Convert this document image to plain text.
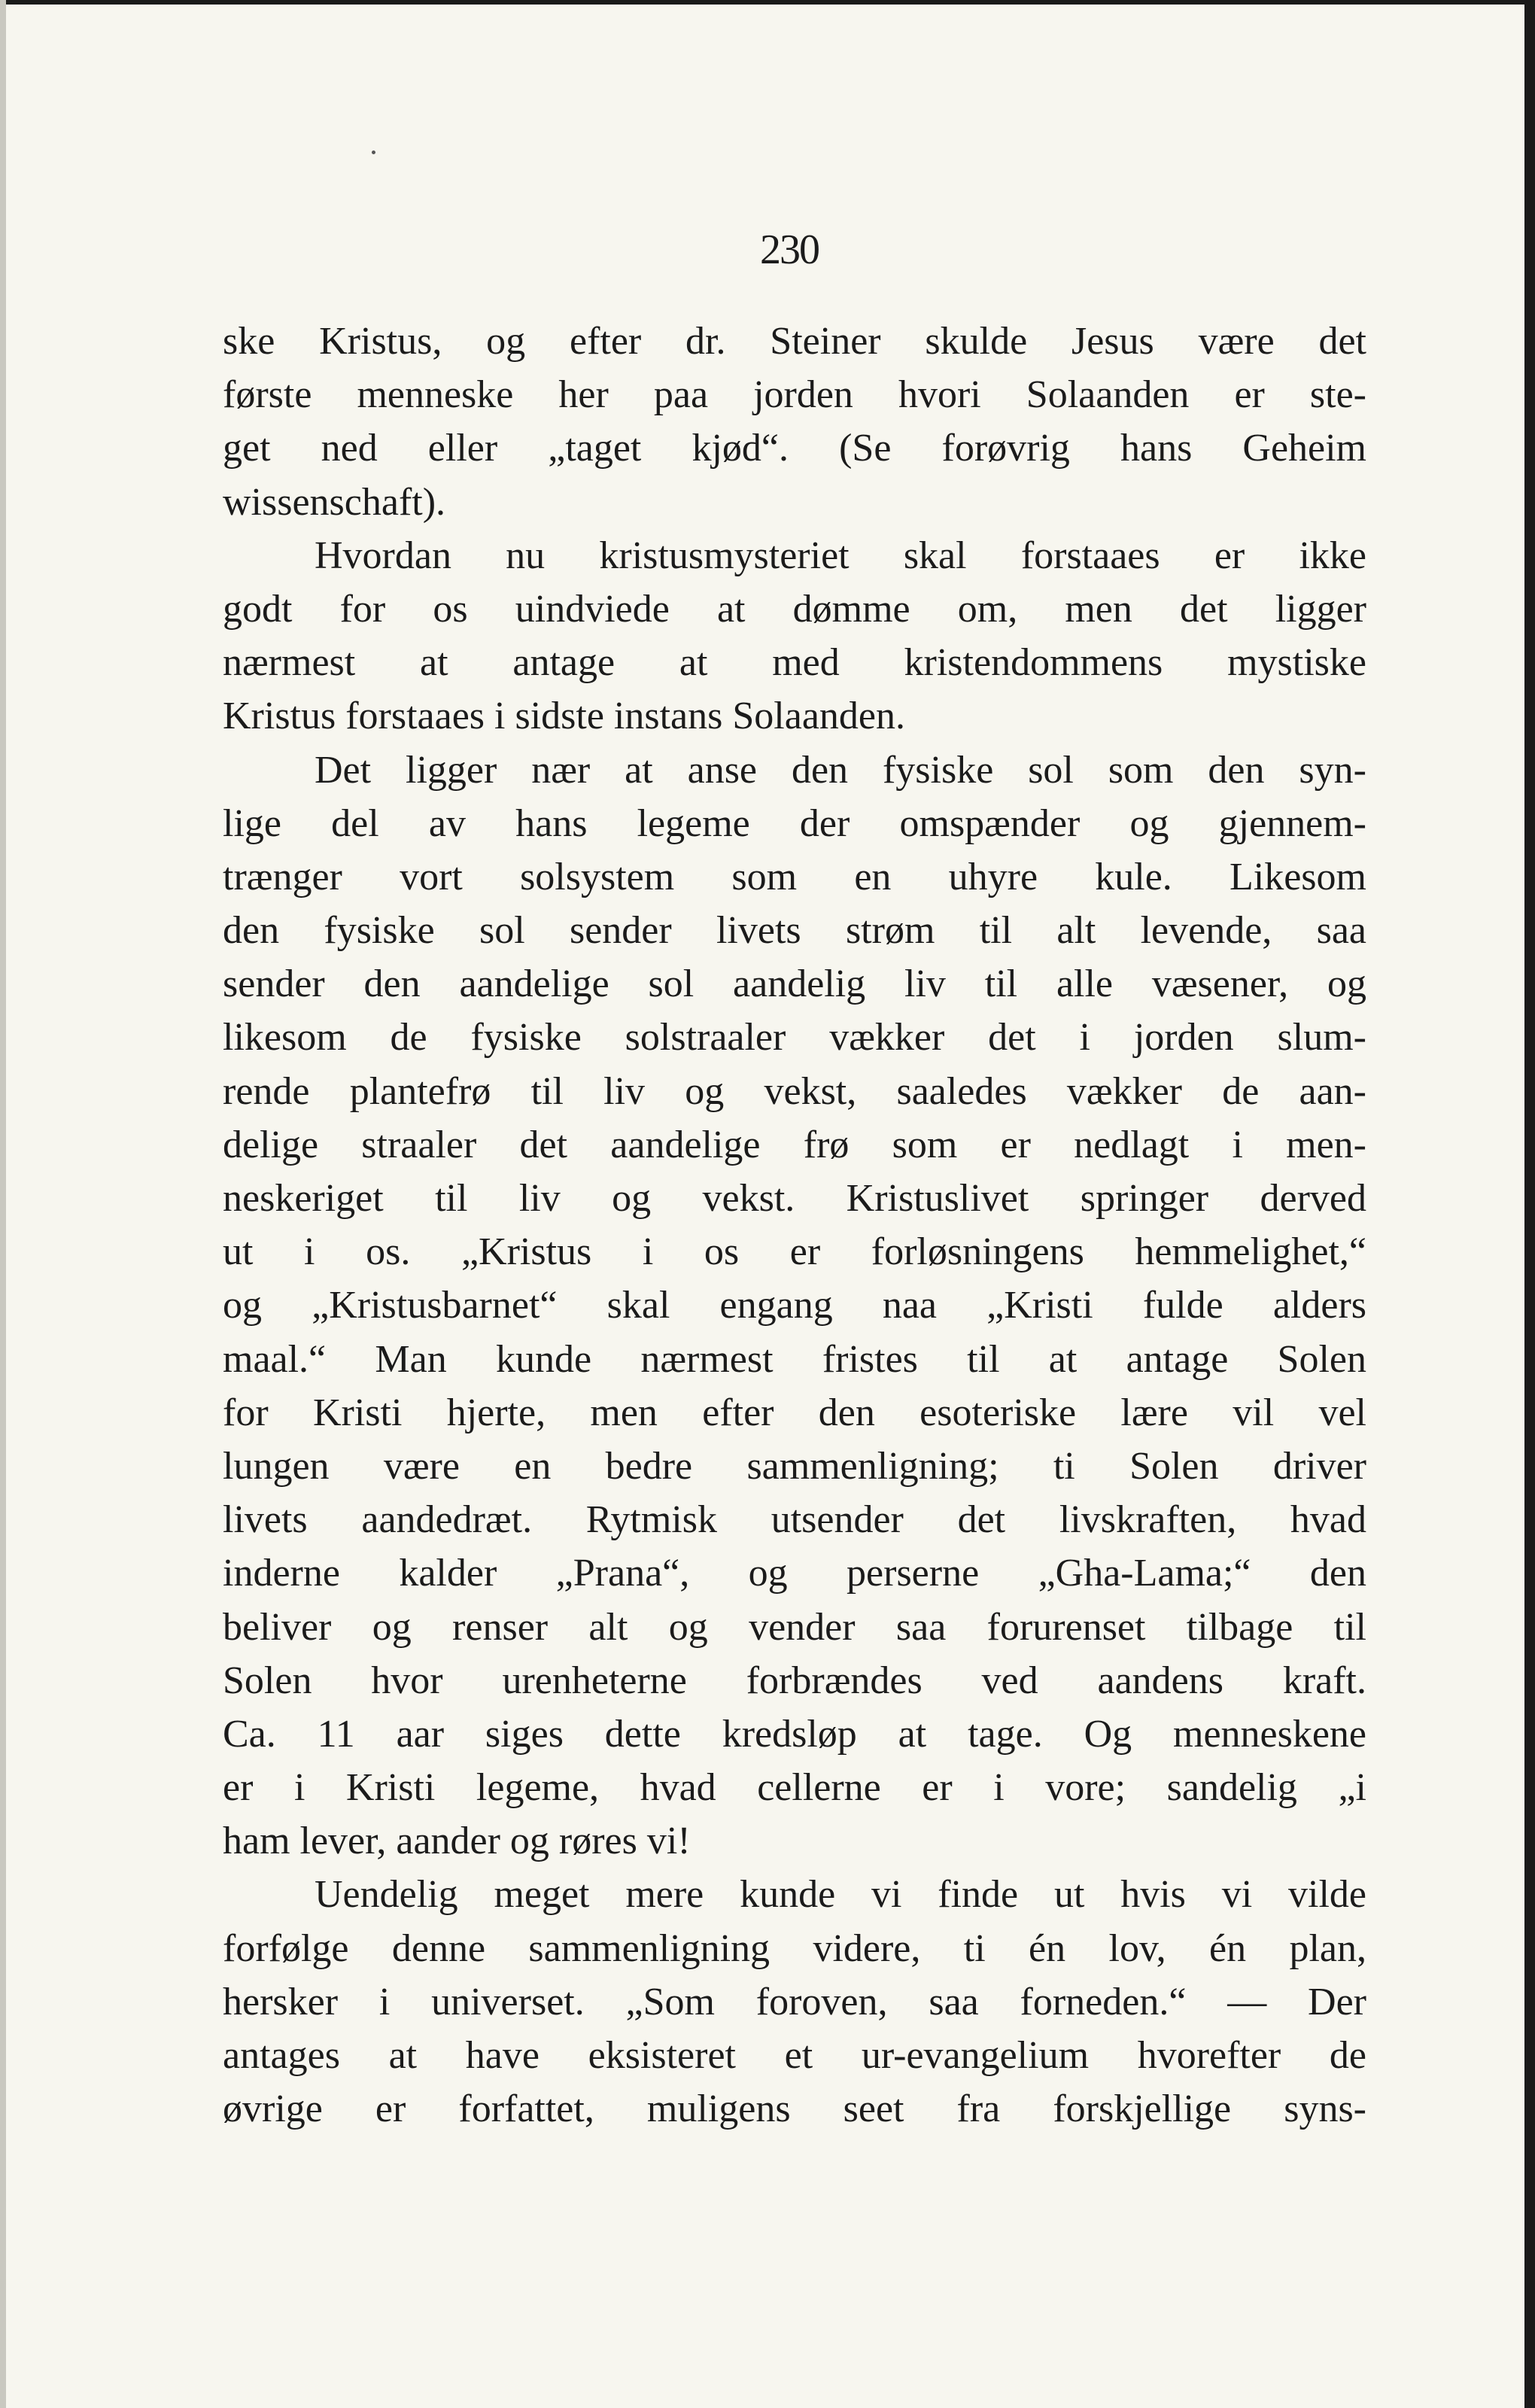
230
ske Kristus, og efter dr. Steiner skulde Jesus være det
første menneske her paa jorden hvori Solaanden er ste-
get ned eller „taget kjød“. (Se forøvrig hans Geheim
wissenschaft).
Hvordan nu kristusmysteriet skal forstaaes er ikke
godt for os uindviede at dømme om, men det ligger
nærmest at antage at med kristendommens mystiske
Kristus forstaaes i sidste instans Solaanden.
Det ligger nær at anse den fysiske sol som den syn-
lige del av hans legeme der omspænder og gjennem-
trænger vort solsystem som en uhyre kule. Likesom
den fysiske sol sender livets strøm til alt levende, saa
sender den aandelige sol aandelig liv til alle væsener, og
likesom de fysiske solstraaler vækker det i jorden slum-
rende plantefrø til liv og vekst, saaledes vækker de aan-
delige straaler det aandelige frø som er nedlagt i men-
neskeriget til liv og vekst. Kristuslivet springer derved
ut i os. „Kristus i os er forløsningens hemmelighet,“
og „Kristusbarnet“ skal engang naa „Kristi fulde alders
maal.“ Man kunde nærmest fristes til at antage Solen
for Kristi hjerte, men efter den esoteriske lære vil vel
lungen være en bedre sammenligning; ti Solen driver
livets aandedræt. Rytmisk utsender det livskraften, hvad
inderne kalder „Prana“, og perserne „Gha-Lama;“ den
beliver og renser alt og vender saa forurenset tilbage til
Solen hvor urenheterne forbrændes ved aandens kraft.
Ca. 11 aar siges dette kredsløp at tage. Og menneskene
er i Kristi legeme, hvad cellerne er i vore; sandelig „i
ham lever, aander og røres vi!
Uendelig meget mere kunde vi finde ut hvis vi vilde
forfølge denne sammenligning videre, ti én lov, én plan,
hersker i universet. „Som foroven, saa forneden.“ — Der
antages at have eksisteret et ur-evangelium hvorefter de
øvrige er forfattet, muligens seet fra forskjellige syns-
